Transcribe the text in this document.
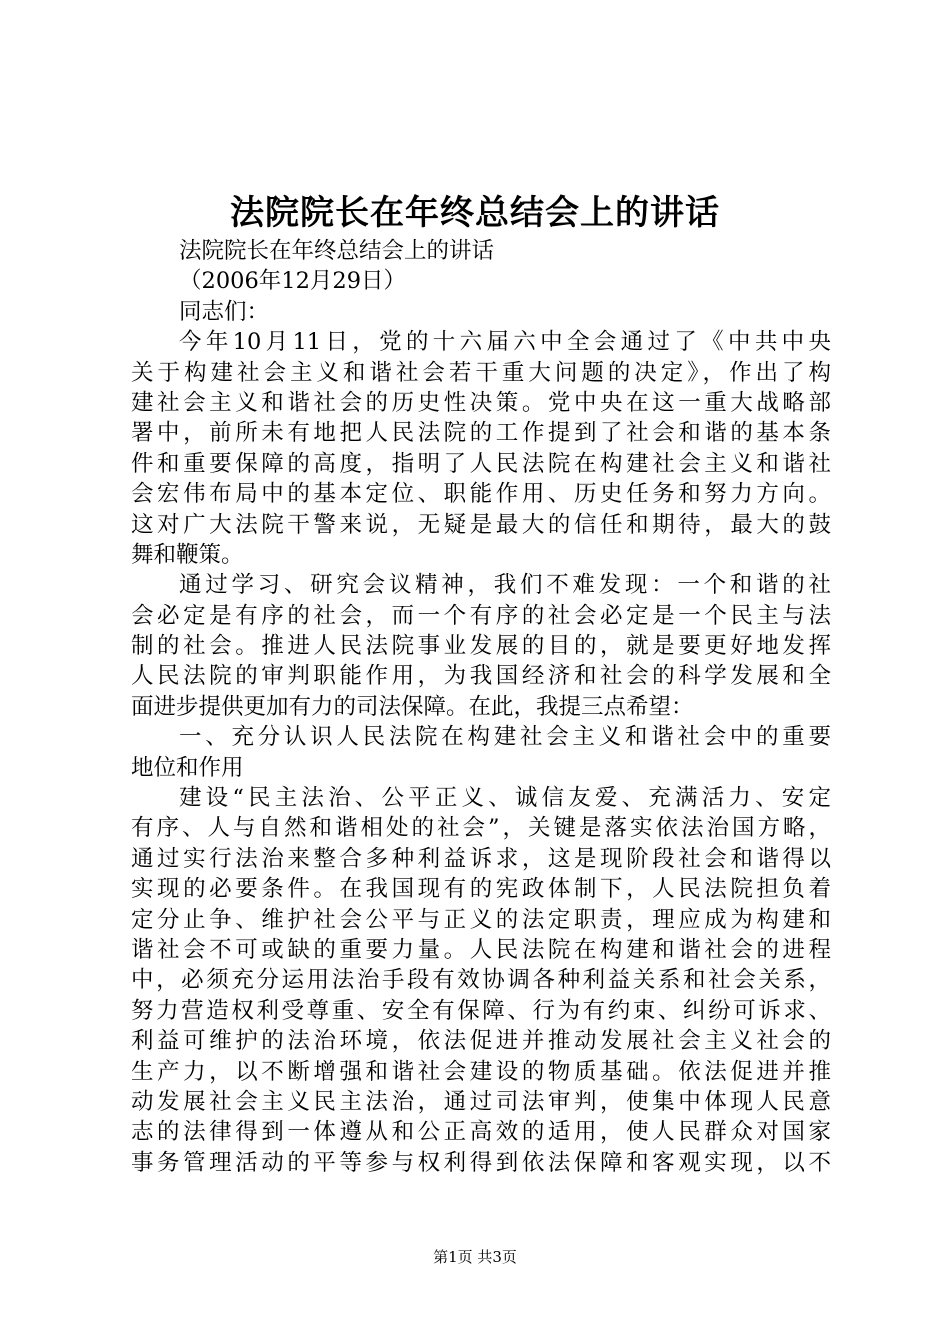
法院院长在年终总结会上的讲话
法院院长在年终总结会上的讲话
（2006年12月29日）
同志们：
今年10月11日，党的十六届六中全会通过了《中共中央
关于构建社会主义和谐社会若干重大问题的决定》，作出了构
建社会主义和谐社会的历史性决策。党中央在这一重大战略部
署中，前所未有地把人民法院的工作提到了社会和谐的基本条
件和重要保障的高度，指明了人民法院在构建社会主义和谐社
会宏伟布局中的基本定位、职能作用、历史任务和努力方向。
这对广大法院干警来说，无疑是最大的信任和期待，最大的鼓
舞和鞭策。
通过学习、研究会议精神，我们不难发现：一个和谐的社
会必定是有序的社会，而一个有序的社会必定是一个民主与法
制的社会。推进人民法院事业发展的目的，就是要更好地发挥
人民法院的审判职能作用，为我国经济和社会的科学发展和全
面进步提供更加有力的司法保障。在此，我提三点希望：
一、充分认识人民法院在构建社会主义和谐社会中的重要
地位和作用
建设“民主法治、公平正义、诚信友爱、充满活力、安定
有序、人与自然和谐相处的社会”，关键是落实依法治国方略，
通过实行法治来整合多种利益诉求，这是现阶段社会和谐得以
实现的必要条件。在我国现有的宪政体制下，人民法院担负着
定分止争、维护社会公平与正义的法定职责，理应成为构建和
谐社会不可或缺的重要力量。人民法院在构建和谐社会的进程
中，必须充分运用法治手段有效协调各种利益关系和社会关系，
努力营造权利受尊重、安全有保障、行为有约束、纠纷可诉求、
利益可维护的法治环境，依法促进并推动发展社会主义社会的
生产力，以不断增强和谐社会建设的物质基础。依法促进并推
动发展社会主义民主法治，通过司法审判，使集中体现人民意
志的法律得到一体遵从和公正高效的适用，使人民群众对国家
事务管理活动的平等参与权利得到依法保障和客观实现，以不
第1页 共3页
